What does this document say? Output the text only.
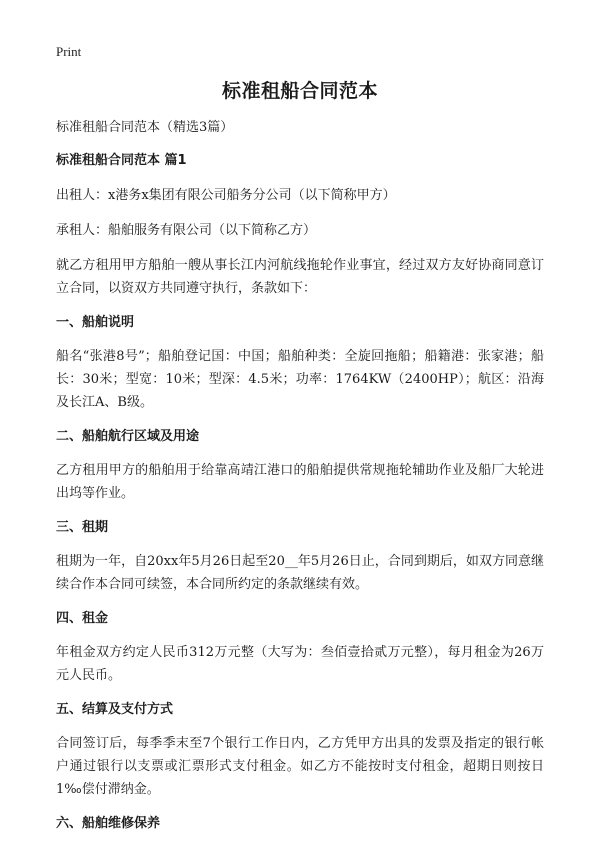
Print
标准租船合同范本
标准租船合同范本（精选3篇）
标准租船合同范本 篇1
出租人：x港务x集团有限公司船务分公司（以下简称甲方）
承租人：船舶服务有限公司（以下简称乙方）
就乙方租用甲方船舶一艘从事长江内河航线拖轮作业事宜，经过双方友好协商同意订立合同，以资双方共同遵守执行，条款如下：
一、船舶说明
船名“张港8号”；船舶登记国：中国；船舶种类：全旋回拖船；船籍港：张家港；船长：30米；型宽：10米；型深：4.5米；功率：1764KW（2400HP）；航区：沿海及长江A、B级。
二、船舶航行区域及用途
乙方租用甲方的船舶用于给靠高靖江港口的船舶提供常规拖轮辅助作业及船厂大轮进出坞等作业。
三、租期
租期为一年，自20xx年5月26日起至20__年5月26日止，合同到期后，如双方同意继续合作本合同可续签，本合同所约定的条款继续有效。
四、租金
年租金双方约定人民币312万元整（大写为：叁佰壹拾贰万元整），每月租金为26万元人民币。
五、结算及支付方式
合同签订后，每季季末至7个银行工作日内，乙方凭甲方出具的发票及指定的银行帐户通过银行以支票或汇票形式支付租金。如乙方不能按时支付租金，超期日则按日1‰偿付滞纳金。
六、船舶维修保养
